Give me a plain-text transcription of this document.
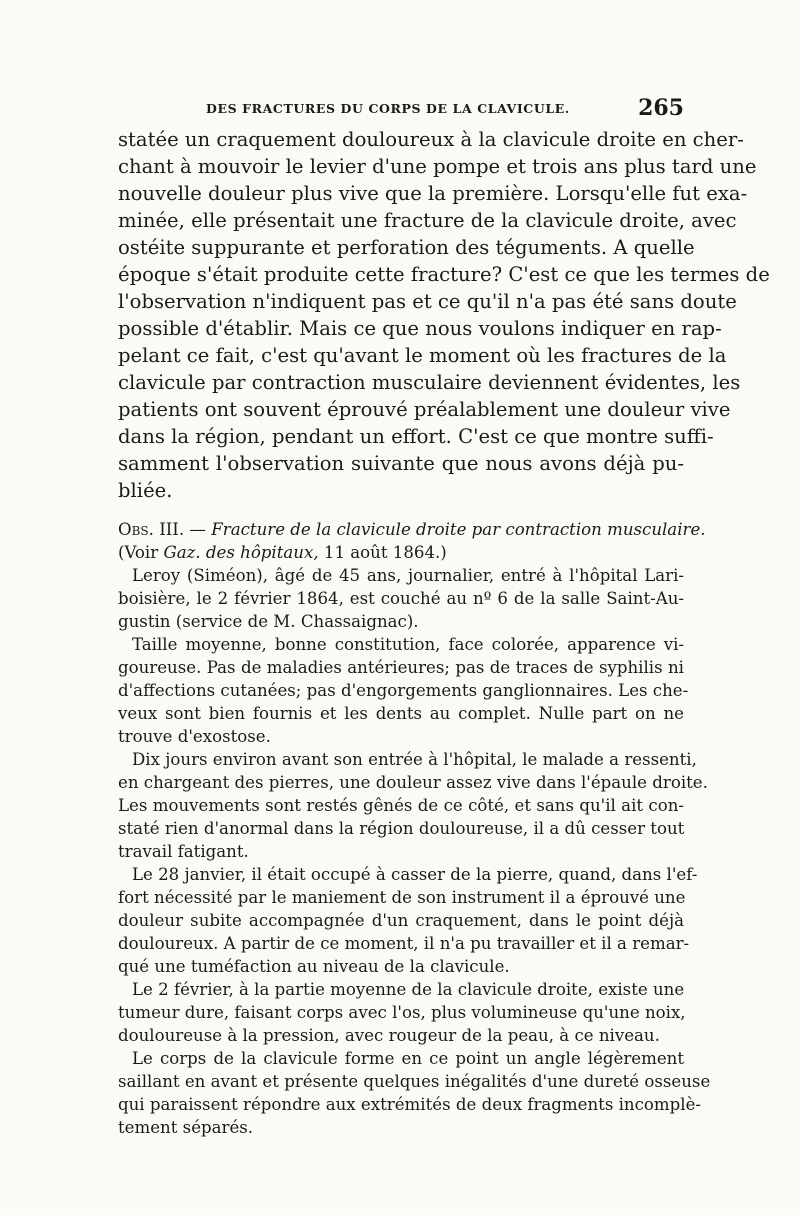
DES FRACTURES DU CORPS DE LA CLAVICULE.	265
statée un craquement douloureux à la clavicule droite en cher-
chant à mouvoir le levier d'une pompe et trois ans plus tard une
nouvelle douleur plus vive que la première. Lorsqu'elle fut exa-
minée, elle présentait une fracture de la clavicule droite, avec
ostéite suppurante et perforation des téguments. A quelle
époque s'était produite cette fracture? C'est ce que les termes de
l'observation n'indiquent pas et ce qu'il n'a pas été sans doute
possible d'établir. Mais ce que nous voulons indiquer en rap-
pelant ce fait, c'est qu'avant le moment où les fractures de la
clavicule par contraction musculaire deviennent évidentes, les
patients ont souvent éprouvé préalablement une douleur vive
dans la région, pendant un effort. C'est ce que montre suffi-
samment l'observation suivante que nous avons déjà pu-
bliée.
Obs. III. — Fracture de la clavicule droite par contraction musculaire.
(Voir Gaz. des hôpitaux, 11 août 1864.)
Leroy (Siméon), âgé de 45 ans, journalier, entré à l'hôpital Lari-
boisière, le 2 février 1864, est couché au nº 6 de la salle Saint-Au-
gustin (service de M. Chassaignac).
Taille moyenne, bonne constitution, face colorée, apparence vi-
goureuse. Pas de maladies antérieures; pas de traces de syphilis ni
d'affections cutanées; pas d'engorgements ganglionnaires. Les che-
veux sont bien fournis et les dents au complet. Nulle part on ne
trouve d'exostose.
Dix jours environ avant son entrée à l'hôpital, le malade a ressenti,
en chargeant des pierres, une douleur assez vive dans l'épaule droite.
Les mouvements sont restés gênés de ce côté, et sans qu'il ait con-
staté rien d'anormal dans la région douloureuse, il a dû cesser tout
travail fatigant.
Le 28 janvier, il était occupé à casser de la pierre, quand, dans l'ef-
fort nécessité par le maniement de son instrument il a éprouvé une
douleur subite accompagnée d'un craquement, dans le point déjà
douloureux. A partir de ce moment, il n'a pu travailler et il a remar-
qué une tuméfaction au niveau de la clavicule.
Le 2 février, à la partie moyenne de la clavicule droite, existe une
tumeur dure, faisant corps avec l'os, plus volumineuse qu'une noix,
douloureuse à la pression, avec rougeur de la peau, à ce niveau.
Le corps de la clavicule forme en ce point un angle légèrement
saillant en avant et présente quelques inégalités d'une dureté osseuse
qui paraissent répondre aux extrémités de deux fragments incomplè-
tement séparés.
